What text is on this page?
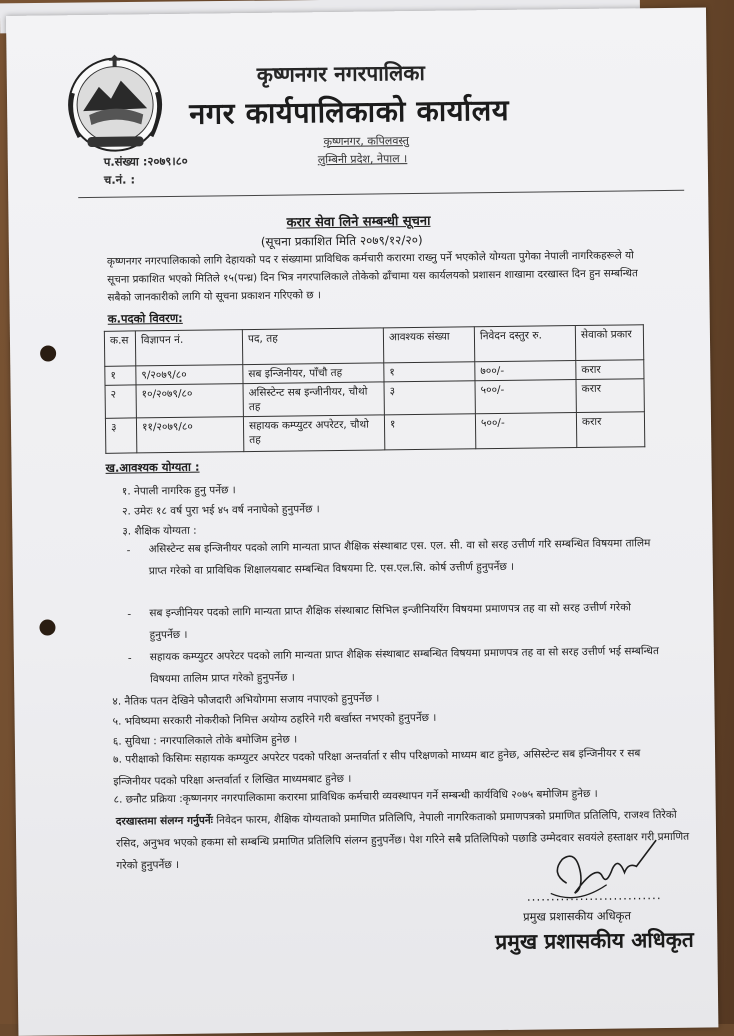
कृष्णनगर नगरपालिका
नगर कार्यपालिकाको कार्यालय
कृष्णनगर, कपिलवस्तु
लुम्बिनी प्रदेश, नेपाल ।
प.संख्या :२०७९।८०
च.नं. :
करार सेवा लिने सम्बन्धी सूचना
(सूचना प्रकाशित मिति २०७९/१२/२०)
कृष्णनगर नगरपालिकाको लागि देहायको पद र संख्यामा प्राविधिक कर्मचारी करारमा राख्नु पर्ने भएकोले योग्यता पुगेका नेपाली नागरिकहरूले यो सूचना प्रकाशित भएको मितिले १५(पन्ध्र) दिन भित्र नगरपालिकाले तोकेको ढाँचामा यस कार्यलयको प्रशासन शाखामा दरखास्त दिन हुन सम्बन्धित सबैको जानकारीको लागि यो सूचना प्रकाशन गरिएको छ ।
क.पदको विवरण:
क.स	विज्ञापन नं.	पद, तह	आवश्यक संख्या	निवेदन दस्तुर रु.	सेवाको प्रकार
१	९/२०७९/८०	सब इन्जिनीयर, पाँचौ तह	१	७००/-	करार
२	१०/२०७९/८०	असिस्टेन्ट सब इन्जीनीयर, चौथो तह	३	५००/-	करार
३	११/२०७९/८०	सहायक कम्प्युटर अपरेटर, चौथो तह	१	५००/-	करार
ख.आवश्यक योग्यता :
१. नेपाली नागरिक हुनु पर्नेछ ।
२. उमेरः १८ वर्ष पुरा भई ४५ वर्ष ननाघेको हुनुपर्नेछ ।
३. शैक्षिक योग्यता :
- असिस्टेन्ट सब इन्जिनीयर पदको लागि मान्यता प्राप्त शैक्षिक संस्थाबाट एस. एल. सी. वा सो सरह उत्तीर्ण गरि सम्बन्धित विषयमा तालिम प्राप्त गरेको वा प्राविधिक शिक्षालयबाट सम्बन्धित विषयमा टि. एस.एल.सि. कोर्ष उत्तीर्ण हुनुपर्नेछ ।
- सब इन्जीनियर पदको लागि मान्यता प्राप्त शैक्षिक संस्थाबाट सिभिल इन्जीनियरिंग विषयमा प्रमाणपत्र तह वा सो सरह उत्तीर्ण गरेको हुनुपर्नेछ ।
- सहायक कम्प्युटर अपरेटर पदको लागि मान्यता प्राप्त शैक्षिक संस्थाबाट सम्बन्धित विषयमा प्रमाणपत्र तह वा सो सरह उत्तीर्ण भई सम्बन्धित विषयमा तालिम प्राप्त गरेको हुनुपर्नेछ ।
४. नैतिक पतन देखिने फौजदारी अभियोगमा सजाय नपाएको हुनुपर्नेछ ।
५. भविष्यमा सरकारी नोकरीको निमित्त अयोग्य ठहरिने गरी बर्खास्त नभएको हुनुपर्नेछ ।
६. सुविधा : नगरपालिकाले तोके बमोजिम हुनेछ ।
७. परीक्षाको किसिमः सहायक कम्प्युटर अपरेटर पदको परिक्षा अन्तर्वार्ता र सीप परिक्षणको माध्यम बाट हुनेछ, असिस्टेन्ट सब इन्जिनीयर र सब इन्जिनीयर पदको परिक्षा अन्तर्वार्ता र लिखित माध्यमबाट हुनेछ ।
८. छनौट प्रक्रिया :कृष्णनगर नगरपालिकामा करारमा प्राविधिक कर्मचारी व्यवस्थापन गर्ने सम्बन्धी कार्यविधि २०७५ बमोजिम हुनेछ ।
दरखास्तमा संलग्न गर्नुपर्नेः निवेदन फारम, शैक्षिक योग्यताको प्रमाणित प्रतिलिपि, नेपाली नागरिकताको प्रमाणपत्रको प्रमाणित प्रतिलिपि, राजश्व तिरेको रसिद, अनुभव भएको हकमा सो सम्बन्धि प्रमाणित प्रतिलिपि संलग्न हुनुपर्नेछ। पेश गरिने सबै प्रतिलिपिको पछाडि उम्मेदवार सवयंले हस्ताक्षर गरी प्रमाणित गरेको हुनुपर्नेछ ।
............................
प्रमुख प्रशासकीय अधिकृत
प्रमुख प्रशासकीय अधिकृत
